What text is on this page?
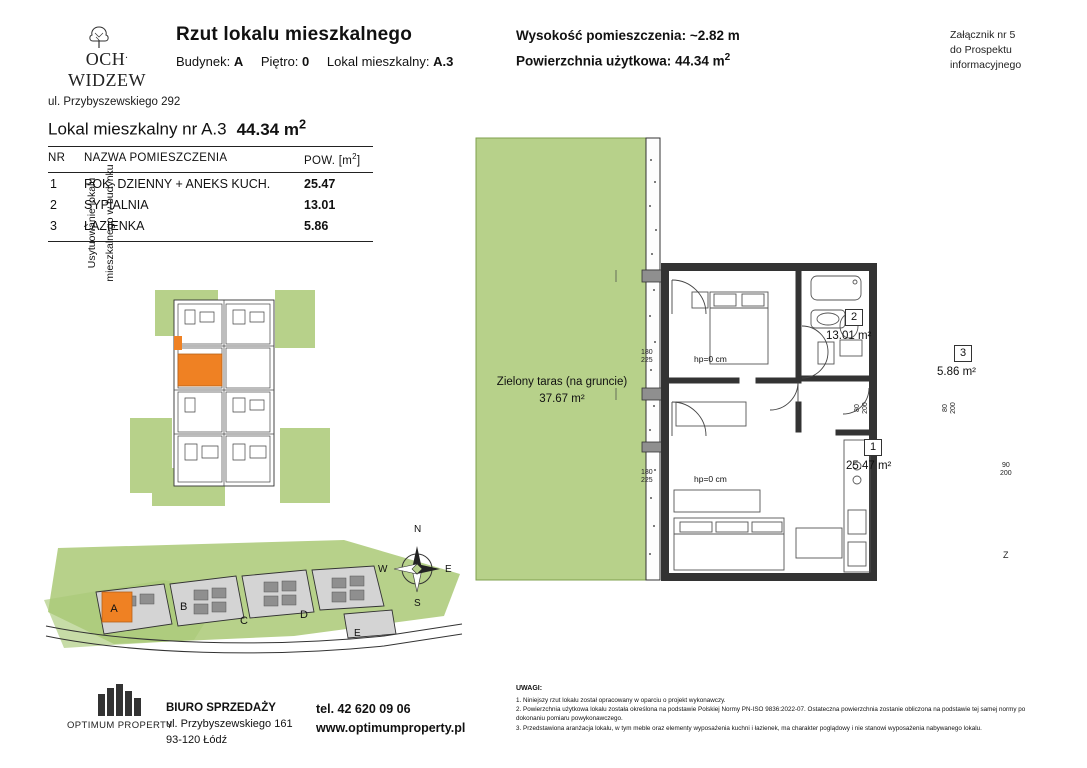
OCH. WIDZEW
Rzut lokalu mieszkalnego
Budynek: A Piętro: 0 Lokal mieszkalny: A.3
Wysokość pomieszczenia: ~2.82 m
Powierzchnia użytkowa: 44.34 $m^2$
Załącznik nr 5
do Prospektu
informacyjnego
ul. Przybyszewskiego 292
Lokal mieszkalny nr A.3 44.34 $m^2$
NR NAZWA POMIESZCZENIA	POW. $[m^2]$
1 POK. DZIENNY + ANEKS KUCH.	25.47
2 SYPIALNIA	13.01
3 ŁAZIENKA	5.86
Usytuowanie lokalu mieszkalnego w budynku
A	B
C	D
E
N
E
S
W
Zielony taras (na gruncie)
37.67 m²
2
13.01 m²
3
5.86 m²
1
25.47 m²
180
225
180
225
hp=0 cm
hp=0 cm
80
200	80
200
90
200
Z
OPTIMUM PROPERTY
BIURO SPRZEDAŻY
ul. Przybyszewskiego 161
93-120 Łódź
tel. 42 620 09 06
www.optimumproperty.pl
UWAGI:
1. Niniejszy rzut lokalu został opracowany w oparciu o projekt wykonawczy.
2. Powierzchnia użytkowa lokalu została określona na podstawie Polskiej Normy PN-ISO 9836:2022-07. Ostateczna powierzchnia zostanie obliczona na podstawie tej samej normy po dokonaniu pomiaru powykonawczego.
3. Przedstawiona aranżacja lokalu, w tym meble oraz elementy wyposażenia kuchni i łazienek, ma charakter poglądowy i nie stanowi wyposażenia nabywanego lokalu.
